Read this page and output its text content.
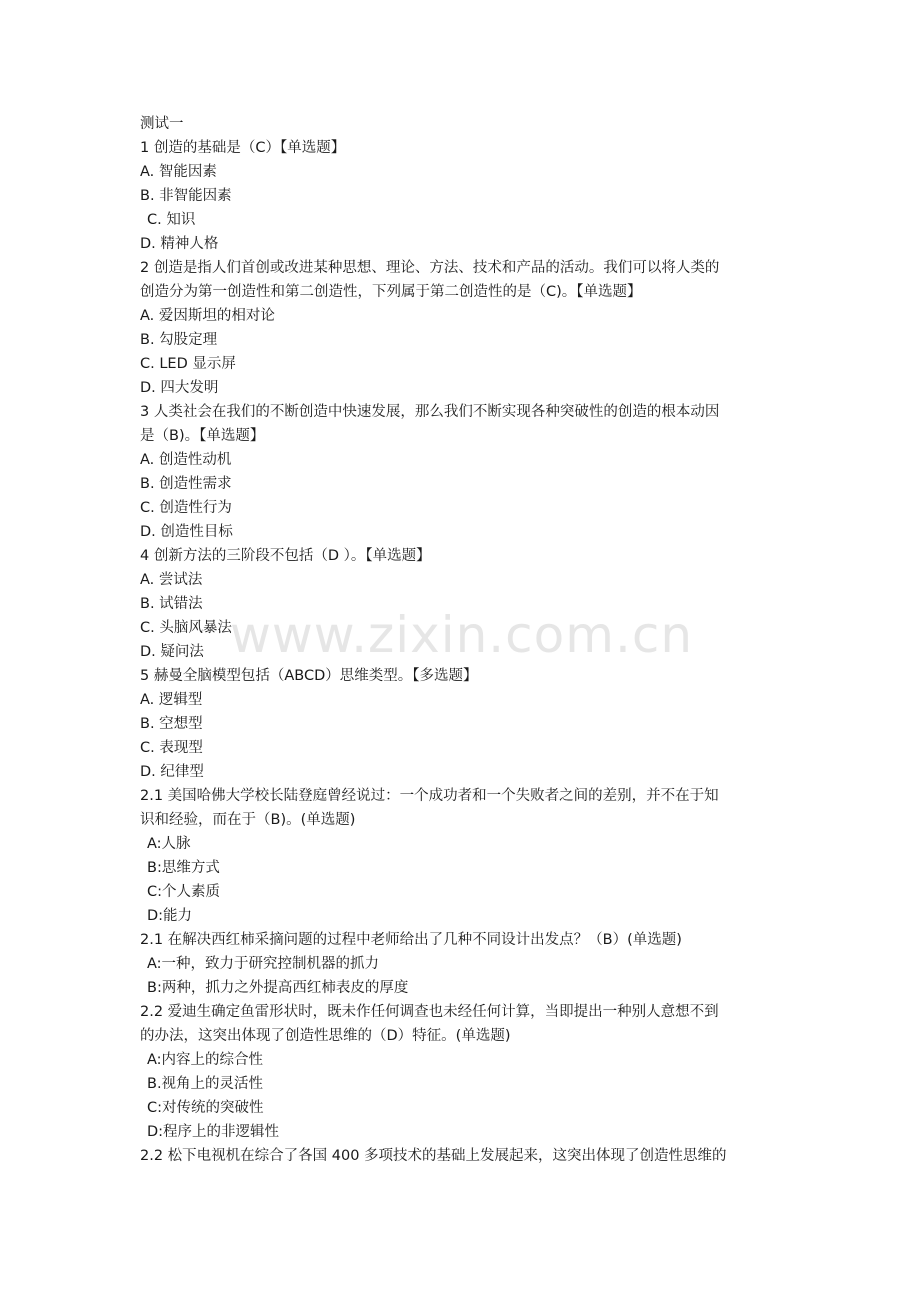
www.zixin.com.cn
测试一
1 创造的基础是（C）【单选题】
A. 智能因素
B. 非智能因素
C. 知识
D. 精神人格
2 创造是指人们首创或改进某种思想、理论、方法、技术和产品的活动。我们可以将人类的
创造分为第一创造性和第二创造性，下列属于第二创造性的是（C)。【单选题】
A. 爱因斯坦的相对论
B. 勾股定理
C. LED 显示屏
D. 四大发明
3 人类社会在我们的不断创造中快速发展，那么我们不断实现各种突破性的创造的根本动因
是（B)。【单选题】
A. 创造性动机
B. 创造性需求
C. 创造性行为
D. 创造性目标
4 创新方法的三阶段不包括（D ）。【单选题】
A. 尝试法
B. 试错法
C. 头脑风暴法
D. 疑问法
5 赫曼全脑模型包括（ABCD）思维类型。【多选题】
A. 逻辑型
B. 空想型
C. 表现型
D. 纪律型
2.1 美国哈佛大学校长陆登庭曾经说过：一个成功者和一个失败者之间的差别，并不在于知
识和经验，而在于（B)。(单选题)
A:人脉
B:思维方式
C:个人素质
D:能力
2.1 在解决西红柿采摘问题的过程中老师给出了几种不同设计出发点？（B）(单选题)
A:一种，致力于研究控制机器的抓力
B:两种，抓力之外提高西红柿表皮的厚度
2.2 爱迪生确定鱼雷形状时，既未作任何调查也未经任何计算，当即提出一种别人意想不到
的办法，这突出体现了创造性思维的（D）特征。(单选题)
A:内容上的综合性
B.视角上的灵活性
C:对传统的突破性
D:程序上的非逻辑性
2.2 松下电视机在综合了各国 400 多项技术的基础上发展起来，这突出体现了创造性思维的
